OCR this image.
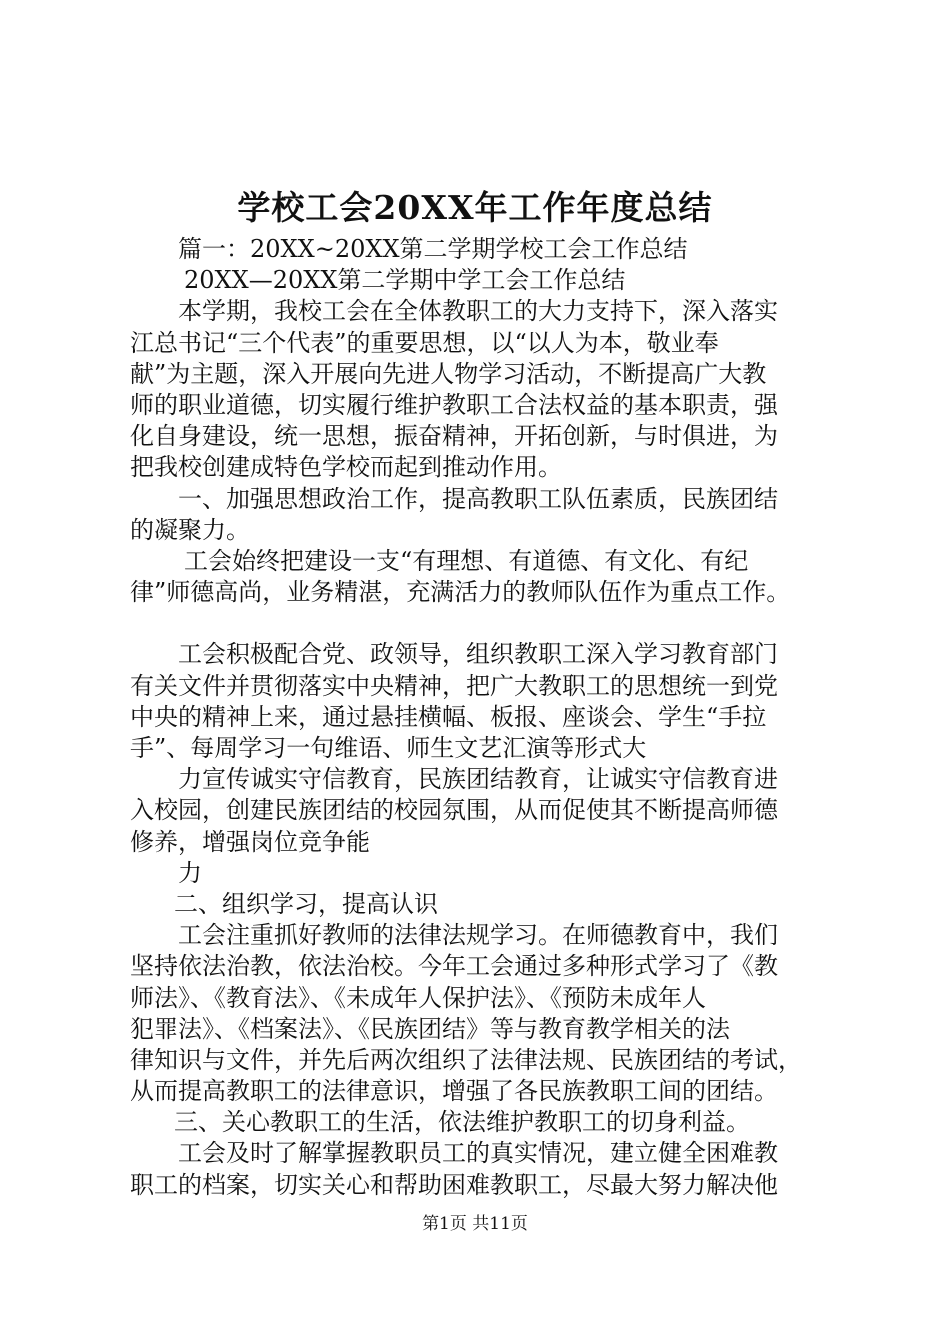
学校工会20XX年工作年度总结
篇一：20XX~20XX第二学期学校工会工作总结
20XX—20XX第二学期中学工会工作总结
本学期，我校工会在全体教职工的大力支持下，深入落实
江总书记“三个代表”的重要思想，以“以人为本，敬业奉
献”为主题，深入开展向先进人物学习活动，不断提高广大教
师的职业道德，切实履行维护教职工合法权益的基本职责，强
化自身建设，统一思想，振奋精神，开拓创新，与时俱进，为
把我校创建成特色学校而起到推动作用。
一、加强思想政治工作，提高教职工队伍素质，民族团结
的凝聚力。
工会始终把建设一支“有理想、有道德、有文化、有纪
律”师德高尚，业务精湛，充满活力的教师队伍作为重点工作。
工会积极配合党、政领导，组织教职工深入学习教育部门
有关文件并贯彻落实中央精神，把广大教职工的思想统一到党
中央的精神上来，通过悬挂横幅、板报、座谈会、学生“手拉
手”、每周学习一句维语、师生文艺汇演等形式大
力宣传诚实守信教育，民族团结教育，让诚实守信教育进
入校园，创建民族团结的校园氛围，从而促使其不断提高师德
修养，增强岗位竞争能
力
二、组织学习，提高认识
工会注重抓好教师的法律法规学习。在师德教育中，我们
坚持依法治教，依法治校。今年工会通过多种形式学习了《教
师法》、《教育法》、《未成年人保护法》、《预防未成年人
犯罪法》、《档案法》、《民族团结》等与教育教学相关的法
律知识与文件，并先后两次组织了法律法规、民族团结的考试，
从而提高教职工的法律意识，增强了各民族教职工间的团结。
三、关心教职工的生活，依法维护教职工的切身利益。
工会及时了解掌握教职员工的真实情况，建立健全困难教
职工的档案，切实关心和帮助困难教职工，尽最大努力解决他
第1页 共11页
